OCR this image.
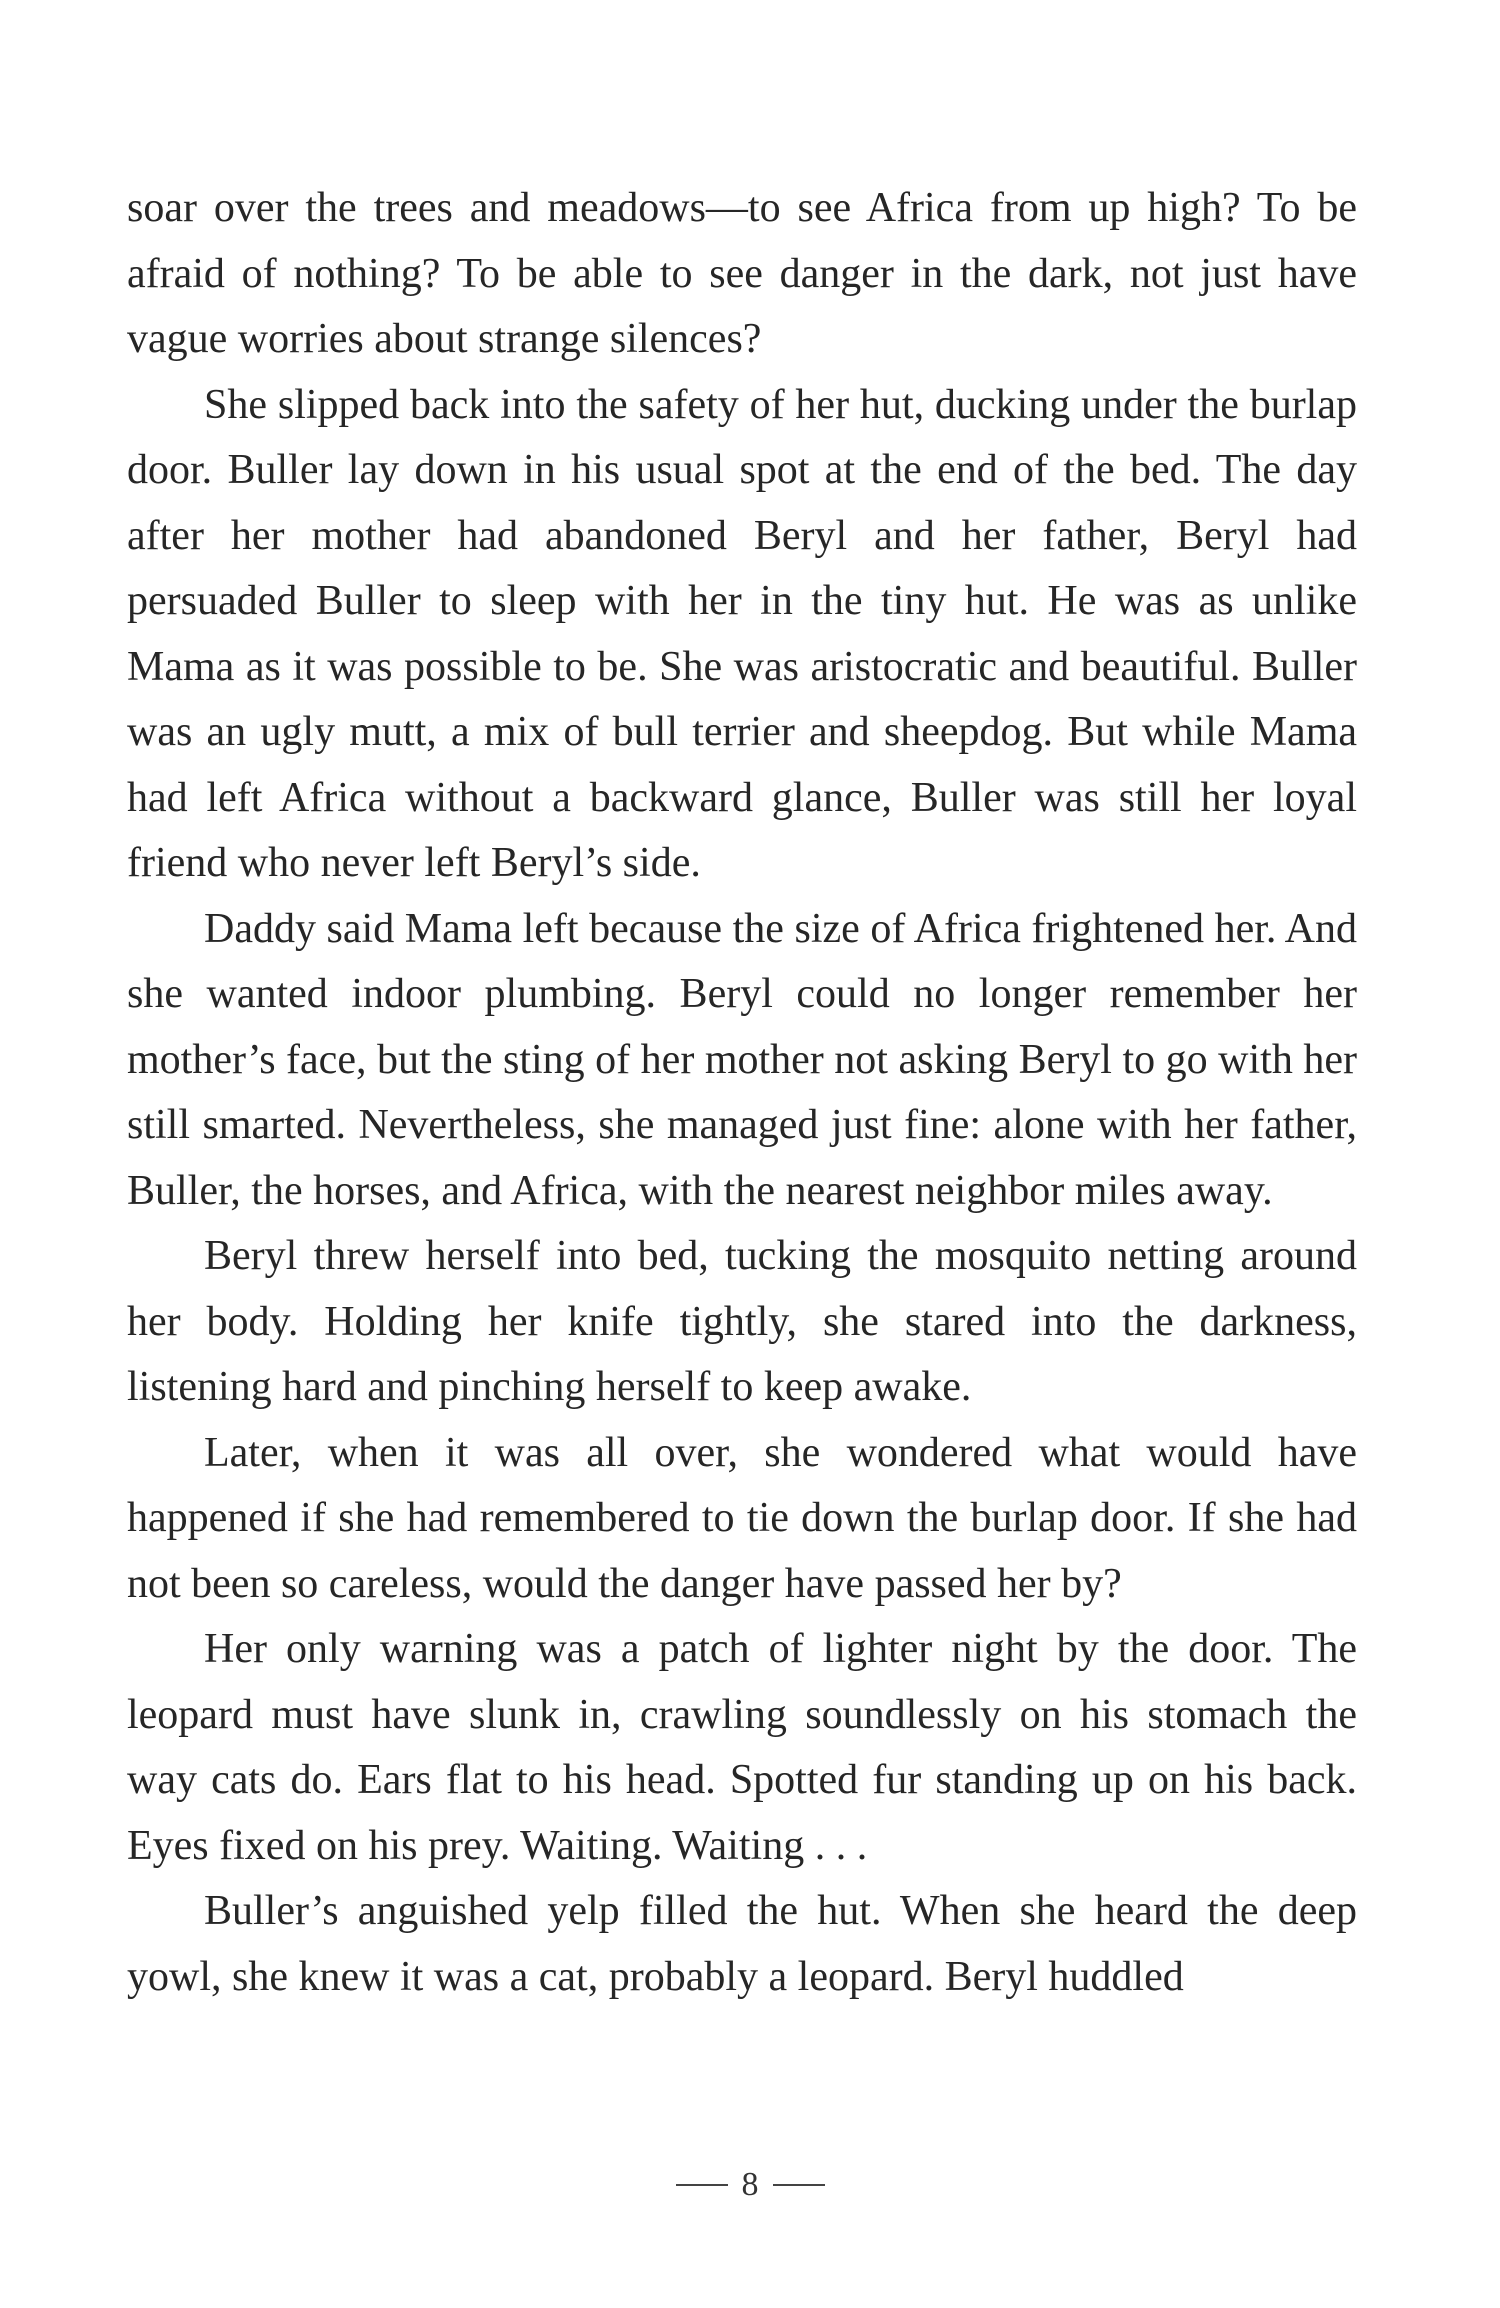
soar over the trees and meadows—to see Africa from up high? To be afraid of nothing? To be able to see danger in the dark, not just have vague worries about strange silences?

She slipped back into the safety of her hut, ducking under the burlap door. Buller lay down in his usual spot at the end of the bed. The day after her mother had abandoned Beryl and her father, Beryl had persuaded Buller to sleep with her in the tiny hut. He was as unlike Mama as it was possible to be. She was aristocratic and beautiful. Buller was an ugly mutt, a mix of bull terrier and sheepdog. But while Mama had left Africa without a backward glance, Buller was still her loyal friend who never left Beryl’s side.

Daddy said Mama left because the size of Africa frightened her. And she wanted indoor plumbing. Beryl could no longer remember her mother’s face, but the sting of her mother not asking Beryl to go with her still smarted. Nevertheless, she managed just fine: alone with her father, Buller, the horses, and Africa, with the nearest neighbor miles away.

Beryl threw herself into bed, tucking the mosquito netting around her body. Holding her knife tightly, she stared into the darkness, listening hard and pinching herself to keep awake.

Later, when it was all over, she wondered what would have happened if she had remembered to tie down the burlap door. If she had not been so careless, would the danger have passed her by?

Her only warning was a patch of lighter night by the door. The leopard must have slunk in, crawling soundlessly on his stomach the way cats do. Ears flat to his head. Spotted fur standing up on his back. Eyes fixed on his prey. Waiting. Waiting . . .

Buller’s anguished yelp filled the hut. When she heard the deep yowl, she knew it was a cat, probably a leopard. Beryl huddled

8
